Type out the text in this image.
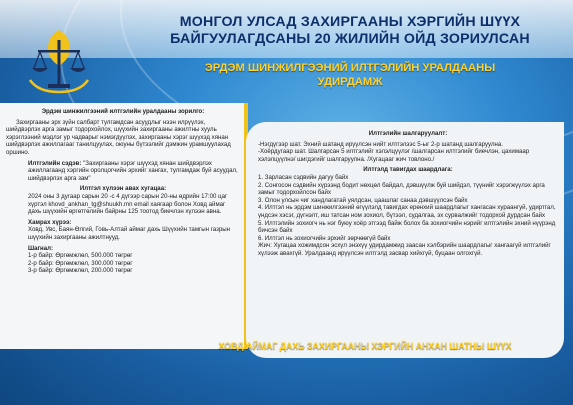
МОНГОЛ УЛСАД ЗАХИРГААНЫ ХЭРГИЙН ШҮҮХ
БАЙГУУЛАГДСАНЫ 20 ЖИЛИЙН ОЙД ЗОРИУЛСАН
ЭРДЭМ ШИНЖИЛГЭЭНИЙ ИЛТГЭЛИЙН УРАЛДААНЫ
УДИРДАМЖ

Эрдэм шинжилгээний илтгэлийн уралдааны зорилго:

Захиргааны эрх зүйн салбарт тулгамдсан асуудлыг нээн илрүүлэх, шийдвэрлэх арга замыг тодорхойлох, шүүхийн захиргааны ажилтны хууль хэрэглээний мэдлэг ур чадварыг нэмэгдүүлэх, захиргааны хэрэг шүүхэд хянан шийдвэрлэх ажиллагааг танилцуулах, оюуны бүтээлийг дэмжин урамшуулахад оршино.

Илтгэлийн сэдэв: "Захиргааны хэрэг шүүхэд хянан шийдвэрлэх ажиллагаанд хэргийн оролцогчийн эрхийг хангах, тулгамдаж буй асуудал, шийдвэрлэх арга зам"

Илтгэл хүлээн авах хугацаа:

2024 оны 3 дугаар сарын 20 -с 4 дүгээр сарын 20-ны өдрийн 17:00 цаг хүртэл khovd_ankhan_tg@shuukh.mn email хаягаар болон Ховд аймаг дахь шүүхийн өргөтгөлийн байрны 125 тоотод биечлэн хүлээн авна.

Хамрах хүрээ:

Ховд, Увс, Баян-Өлгий, Говь-Алтай аймаг дахь Шүүхийн тамгын газрын шүүхийн захиргааны ажилтнууд.

Шагнал:

1-р байр: Өргөмжлөл, 500.000 төгрөг

2-р байр: Өргөмжлөл, 300.000 төгрөг

3-р байр: Өргөмжлөл, 200.000 төгрөг

Илтгэлийн шалгаруулалт:

-Нэгдүгээр шат. Эхний шатанд ирүүлсэн нийт илтгэлээс 5-ыг 2-р шатанд шалгаруулна.

-Хоёрдугаар шат. Шалгарсан 5 илтгэлийг хэлэлцүүлэг /шалгарсан илтгэлийг биечлэн, цахимаар хэлэлцүүлнэ/ шигдэгийг шалгаруулна. /Хугацааг жич товлоно./

Илтгэлд тавигдах шаардлага:

1. Зарласан сэдвийн дагуу байх

2. Сонгосон сэдвийн хүрээнд бодит нөхцөл байдал, дэвшүүлж буй шийдэл, түүнийг хэрэгжүүлэх арга замыг тодорхойлсон байх

3. Олон улсын чиг хандлагатай уялдсан, цаашлаг санаа дэвшүүлсэн байх

4. Илтгэл нь эрдэм шинжилгээний өгүүлэлд тавигдах ерөнхий шаардлагыг хангасан хураангуй, удиртгал, үндсэн хэсэг, дүгнэлт, иш татсан ном зохиол, бүтээл, судалгаа, эх сурвалжийг тодорхой дурдсан байх

5. Илтгэлийн зохиогч нь нэг буюу хоёр этгээд байж болох ба зохиогчийн нэрийг илтгэлийн эхний нүүрэнд бичсэн байх

6. Илтгэл нь зохиогчийн эрхийг зөрчөөгүй байх

Жич: Хугацаа хожимдсон эсхүл энэхүү удирдамжид заасан хэлбэрийн шаардлагыг хангаагүй илтгэлийг хүлээж авахгүй. Уралдаанд ирүүлсэн илтгэлд засвар хийхгүй, буцаан олгохгүй.

ХОВД АЙМАГ ДАХЬ ЗАХИРГААНЫ ХЭРГИЙН АНХАН ШАТНЫ ШҮҮХ
